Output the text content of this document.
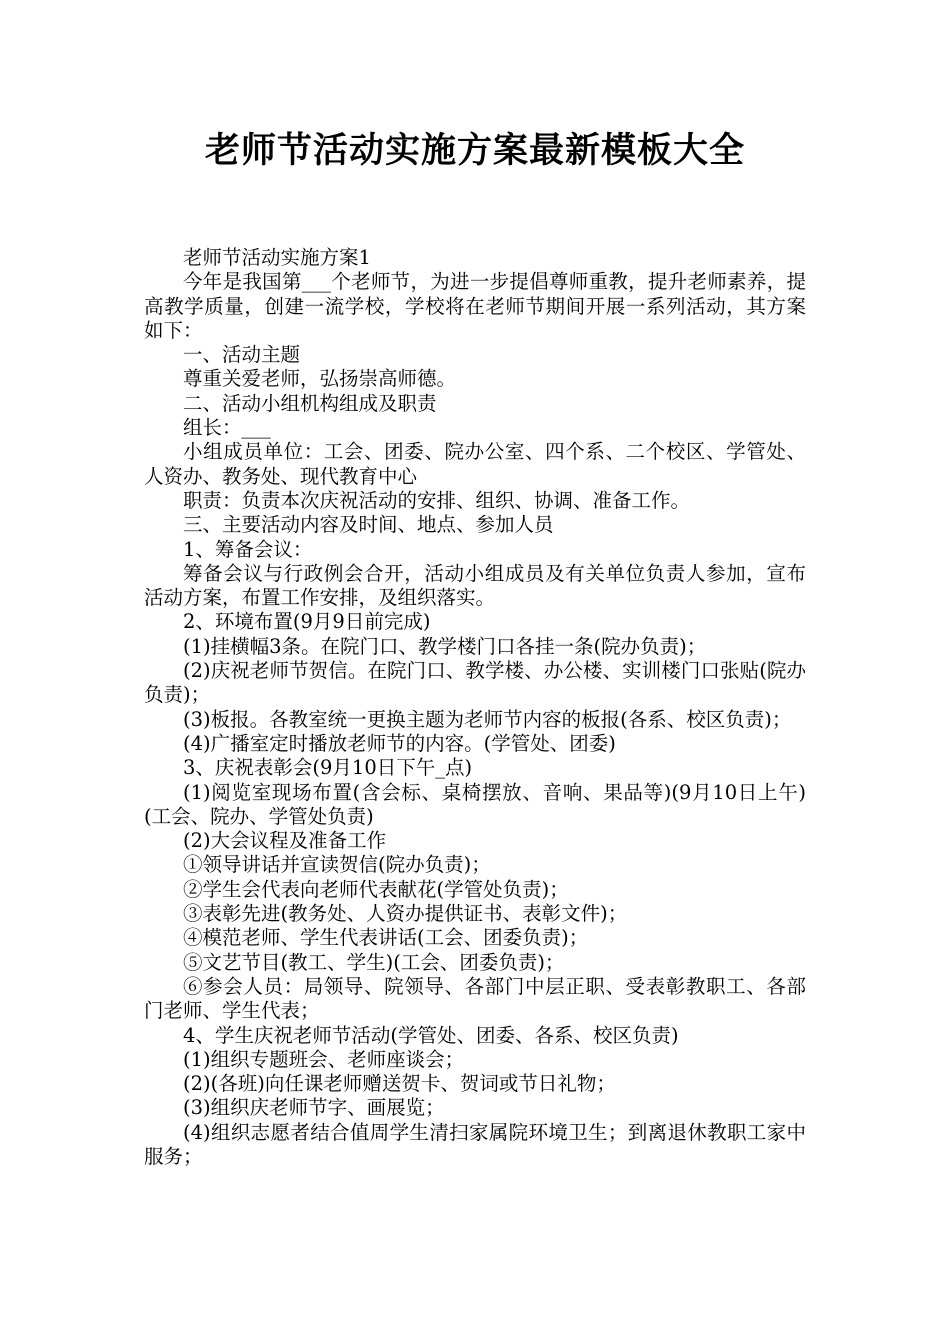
老师节活动实施方案最新模板大全

老师节活动实施方案1

今年是我国第___个老师节，为进一步提倡尊师重教，提升老师素养，提高教学质量，创建一流学校，学校将在老师节期间开展一系列活动，其方案如下：

一、活动主题

尊重关爱老师，弘扬崇高师德。

二、活动小组机构组成及职责

组长：___

小组成员单位：工会、团委、院办公室、四个系、二个校区、学管处、人资办、教务处、现代教育中心

职责：负责本次庆祝活动的安排、组织、协调、准备工作。

三、主要活动内容及时间、地点、参加人员

1、筹备会议：

筹备会议与行政例会合开，活动小组成员及有关单位负责人参加，宣布活动方案，布置工作安排，及组织落实。

2、环境布置(9月9日前完成)

(1)挂横幅3条。在院门口、教学楼门口各挂一条(院办负责)；

(2)庆祝老师节贺信。在院门口、教学楼、办公楼、实训楼门口张贴(院办负责)；

(3)板报。各教室统一更换主题为老师节内容的板报(各系、校区负责)；

(4)广播室定时播放老师节的内容。(学管处、团委)

3、庆祝表彰会(9月10日下午_点)

(1)阅览室现场布置(含会标、桌椅摆放、音响、果品等)(9月10日上午)(工会、院办、学管处负责)

(2)大会议程及准备工作

①领导讲话并宣读贺信(院办负责)；

②学生会代表向老师代表献花(学管处负责)；

③表彰先进(教务处、人资办提供证书、表彰文件)；

④模范老师、学生代表讲话(工会、团委负责)；

⑤文艺节目(教工、学生)(工会、团委负责)；

⑥参会人员：局领导、院领导、各部门中层正职、受表彰教职工、各部门老师、学生代表；

4、学生庆祝老师节活动(学管处、团委、各系、校区负责)

(1)组织专题班会、老师座谈会；

(2)(各班)向任课老师赠送贺卡、贺词或节日礼物；

(3)组织庆老师节字、画展览；

(4)组织志愿者结合值周学生清扫家属院环境卫生；到离退休教职工家中服务；
